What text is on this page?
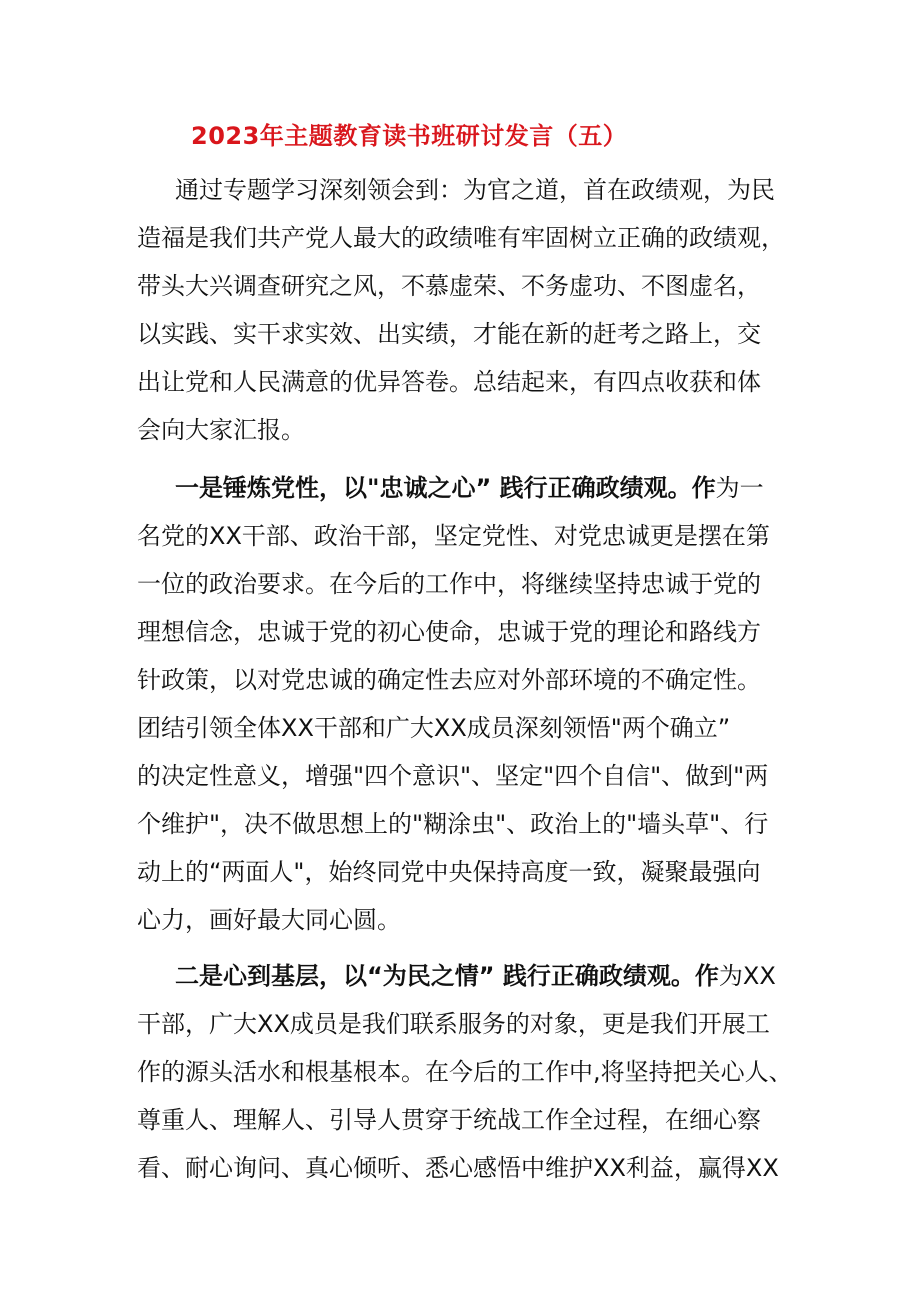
2023年主题教育读书班研讨发言（五）
通过专题学习深刻领会到：为官之道，首在政绩观，为民
造福是我们共产党人最大的政绩唯有牢固树立正确的政绩观，
带头大兴调查研究之风，不慕虚荣、不务虚功、不图虚名，
以实践、实干求实效、出实绩，才能在新的赶考之路上，交
出让党和人民满意的优异答卷。总结起来，有四点收获和体
会向大家汇报。
一是锤炼党性，以"忠诚之心” 践行正确政绩观。作为一
名党的XX干部、政治干部，坚定党性、对党忠诚更是摆在第
一位的政治要求。在今后的工作中，将继续坚持忠诚于党的
理想信念，忠诚于党的初心使命，忠诚于党的理论和路线方
针政策，以对党忠诚的确定性去应对外部环境的不确定性。
团结引领全体XX干部和广大XX成员深刻领悟"两个确立”
的决定性意义，增强"四个意识"、坚定"四个自信"、做到"两
个维护"，决不做思想上的"糊涂虫"、政治上的"墙头草"、行
动上的“两面人"，始终同党中央保持高度一致，凝聚最强向
心力，画好最大同心圆。
二是心到基层，以“为民之情” 践行正确政绩观。作为XX
干部，广大XX成员是我们联系服务的对象，更是我们开展工
作的源头活水和根基根本。在今后的工作中,将坚持把关心人、
尊重人、理解人、引导人贯穿于统战工作全过程，在细心察
看、耐心询问、真心倾听、悉心感悟中维护XX利益，赢得XX
